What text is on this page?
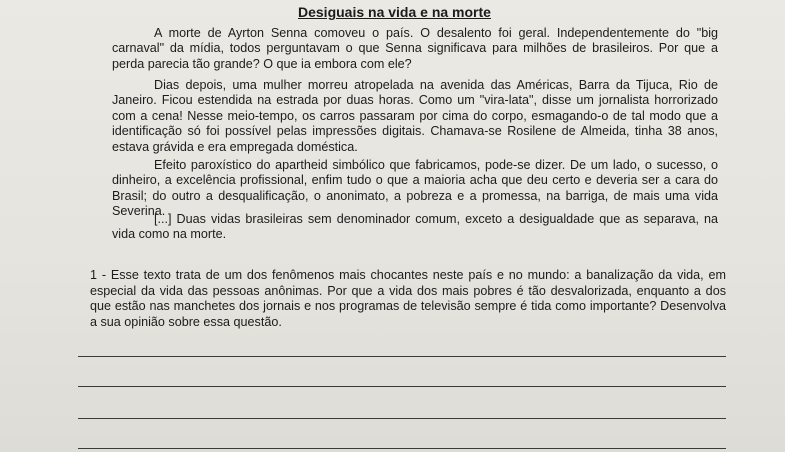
Desiguais na vida e na morte

A morte de Ayrton Senna comoveu o país. O desalento foi geral. Independentemente do "big carnaval" da mídia, todos perguntavam o que Senna significava para milhões de brasileiros. Por que a perda parecia tão grande? O que ia embora com ele?

Dias depois, uma mulher morreu atropelada na avenida das Américas, Barra da Tijuca, Rio de Janeiro. Ficou estendida na estrada por duas horas. Como um "vira-lata", disse um jornalista horrorizado com a cena! Nesse meio-tempo, os carros passaram por cima do corpo, esmagando-o de tal modo que a identificação só foi possível pelas impressões digitais. Chamava-se Rosilene de Almeida, tinha 38 anos, estava grávida e era empregada doméstica.

Efeito paroxístico do apartheid simbólico que fabricamos, pode-se dizer. De um lado, o sucesso, o dinheiro, a excelência profissional, enfim tudo o que a maioria acha que deu certo e deveria ser a cara do Brasil; do outro a desqualificação, o anonimato, a pobreza e a promessa, na barriga, de mais uma vida Severina.

[...] Duas vidas brasileiras sem denominador comum, exceto a desigualdade que as separava, na vida como na morte.

1 - Esse texto trata de um dos fenômenos mais chocantes neste país e no mundo: a banalização da vida, em especial da vida das pessoas anônimas. Por que a vida dos mais pobres é tão desvalorizada, enquanto a dos que estão nas manchetes dos jornais e nos programas de televisão sempre é tida como importante? Desenvolva a sua opinião sobre essa questão.
